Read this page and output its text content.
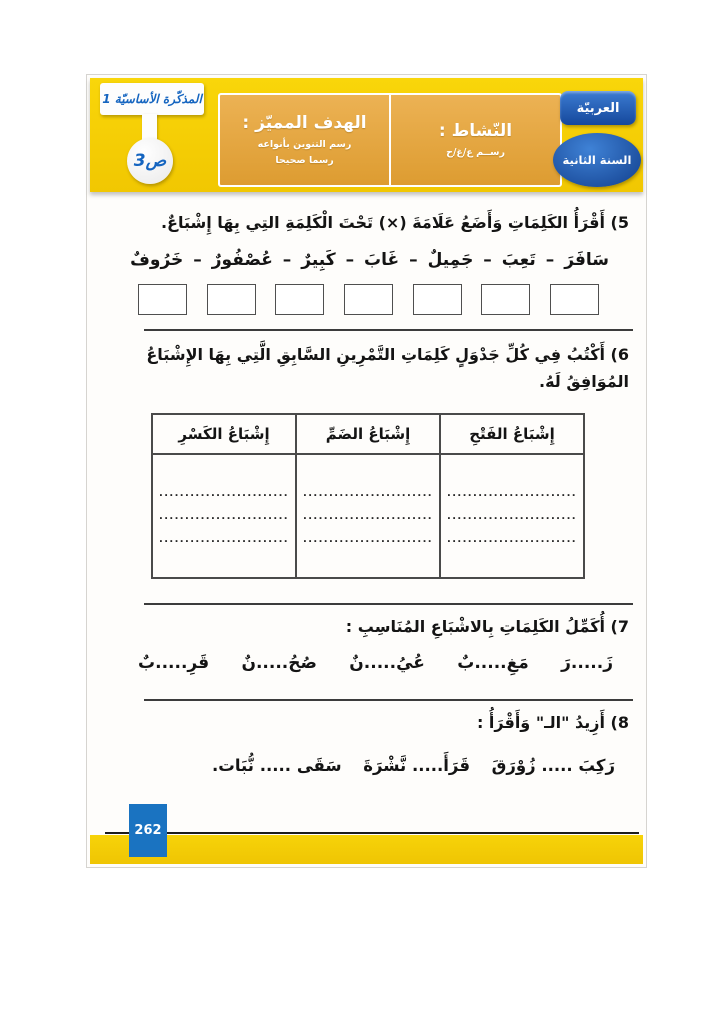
المذكّرة الأساسيّة 1
ص3
النّشاط :
رســم ع/غ/ح
الهدف المميّز :
رسم التنوين بأنواعه
رسما صحيحا
العربيّة
السنة الثانية
5) أَقْرَأُ الكَلِمَاتِ وَأَضَعُ عَلَامَةَ (×) تَحْتَ الْكَلِمَةِ التِي بِهَا إِشْبَاعٌ.
سَافَرَ
–
تَعِبَ
–
جَمِيلٌ
–
غَابَ
–
كَبِيرٌ
–
عُصْفُورٌ
–
خَرُوفٌ
6) أَكْتُبُ فِي كُلِّ جَدْوَلٍ كَلِمَاتِ التَّمْرِينِ السَّابِقِ الَّتِي بِهَا الإِشْبَاعُ المُوَافِقُ لَهُ.
إِشْبَاعُ الفَتْحِ	إِشْبَاعُ الضَمِّ	إِشْبَاعُ الكَسْرِ

.........................
.........................
.........................

.........................
.........................
.........................

.........................
.........................
.........................
7) أُكَمِّلُ الكَلِمَاتِ بِالاشْبَاعِ المُنَاسِبِ :
زَ.....رَ
مَغِ.....بٌ
عُيُ.....نٌ
صُحُ.....نٌ
قَرِ.....بٌ
8) أَزِيدُ "الـ" وَأَقْرَأُ :
رَكِبَ ..... زُوْرَقَ
قَرَأَ..... نَّشْرَةَ
سَقَى ..... نُّبَات.
262
